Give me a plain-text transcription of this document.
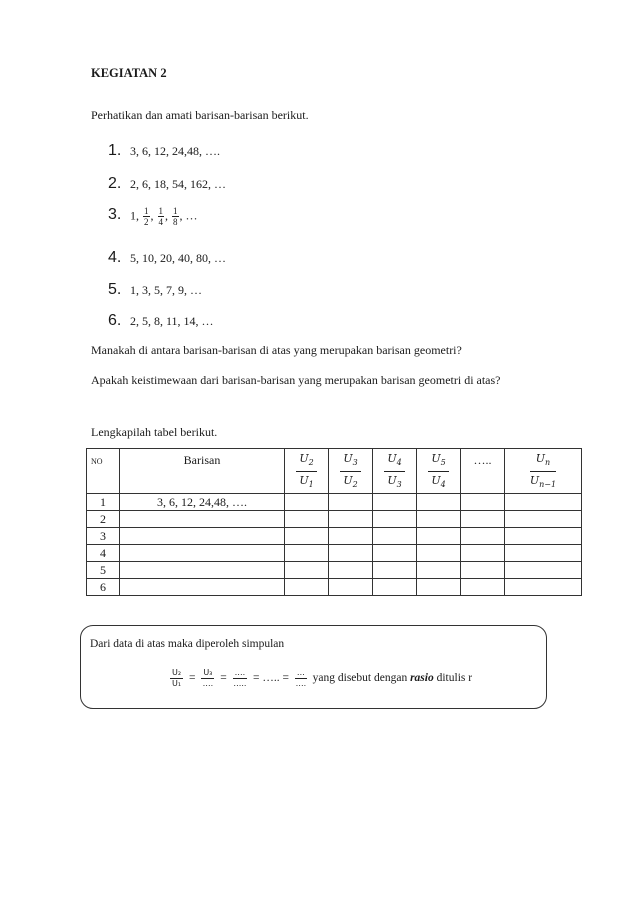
KEGIATAN 2
Perhatikan dan amati barisan-barisan berikut.
1. 3, 6, 12, 24,48, ….
2. 2, 6, 18, 54, 162, …
3. 1, $\frac{1}{2}$ , $\frac{1}{4}$ , $\frac{1}{8}$ , …
4. 5, 10, 20, 40, 80, …
5. 1, 3, 5, 7, 9, …
6. 2, 5, 8, 11, 14, …
Manakah di antara barisan-barisan di atas yang merupakan barisan geometri?
Apakah keistimewaan dari barisan-barisan yang merupakan barisan geometri di atas?
Lengkapilah tabel berikut.
NO	Barisan	$\frac{U_2}{U_1}$	$\frac{U_3}{U_2}$	$\frac{U_4}{U_3}$	$\frac{U_5}{U_4}$	…..	$\frac{U_n}{U_{n-1}}$

1	3, 6, 12, 24,48, ….						
2							
3							
4							
5							
6							
Dari data di atas maka diperoleh simpulan
$\frac{\text{U₂}}{\text{U₁}} = U_3$
…. = ….
….. = ….. = …
…. yang disebut dengan rasio ditulis r
